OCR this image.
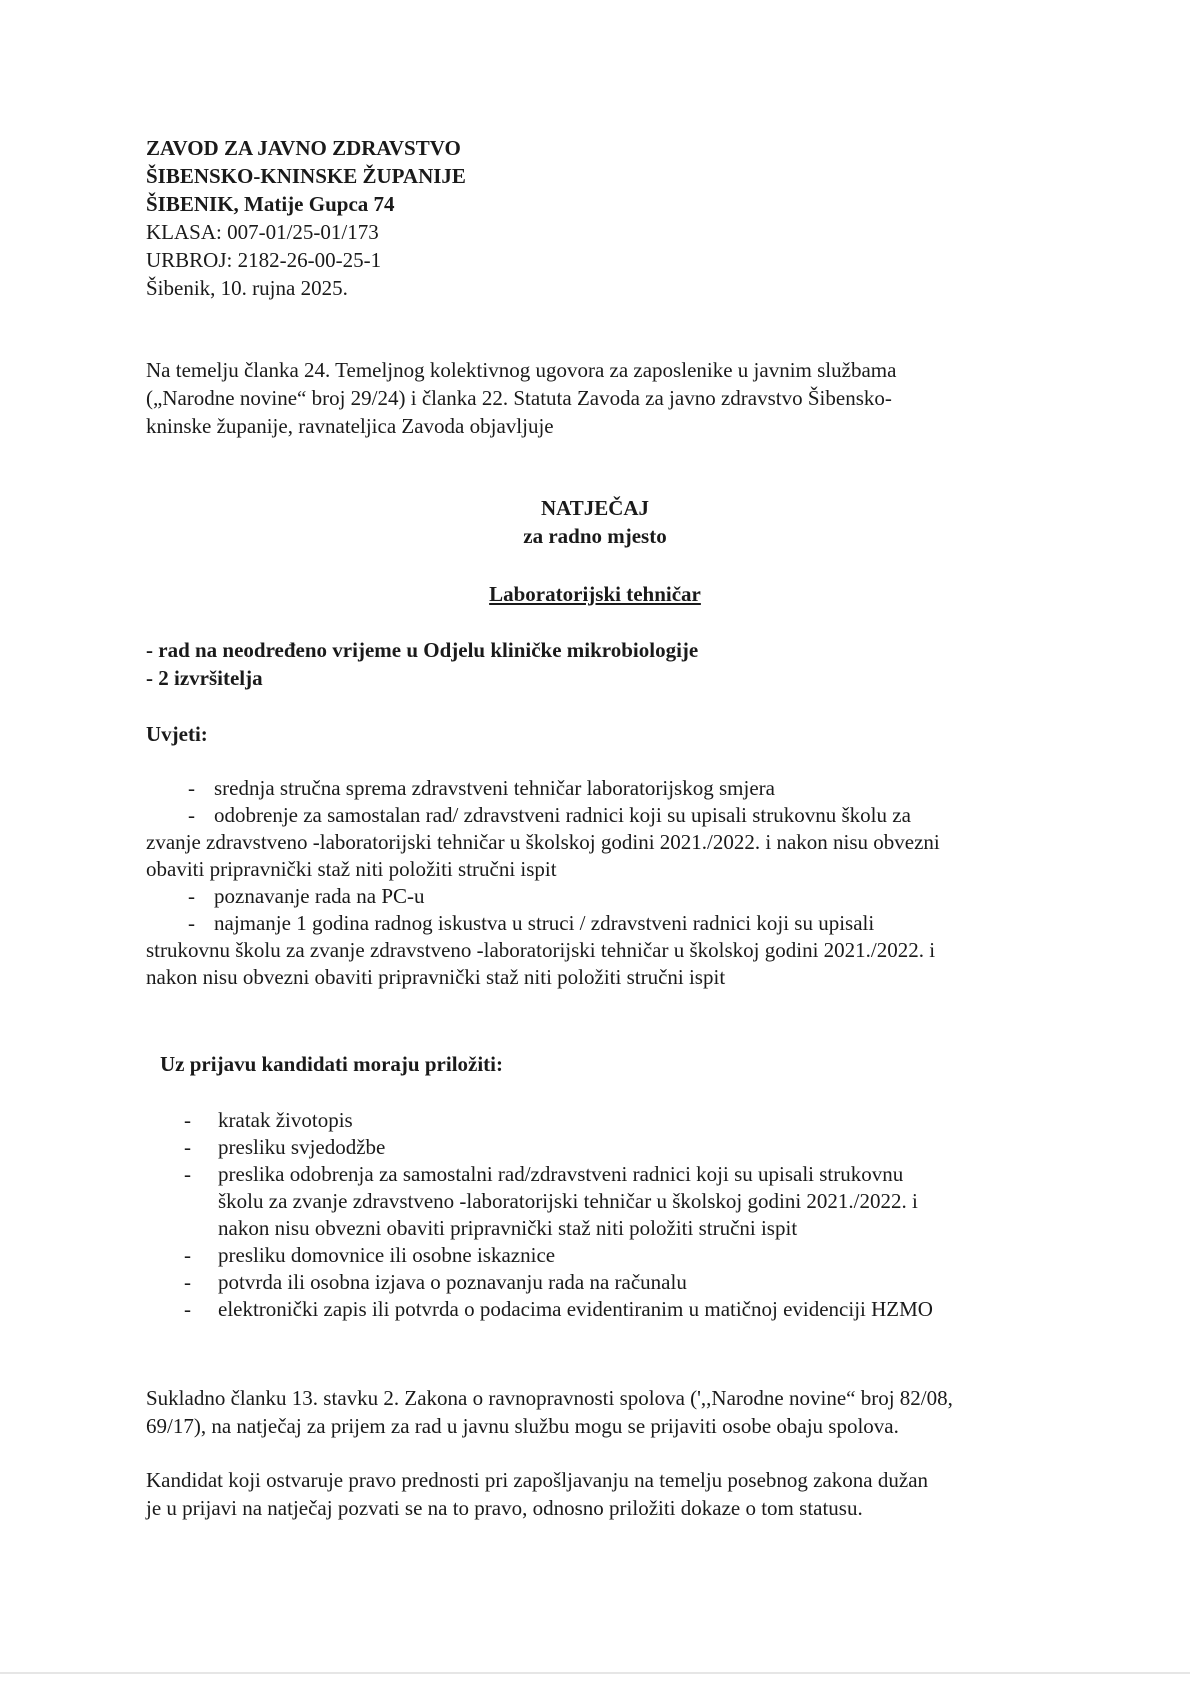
ZAVOD ZA JAVNO ZDRAVSTVO
ŠIBENSKO-KNINSKE ŽUPANIJE
ŠIBENIK, Matije Gupca 74
KLASA: 007-01/25-01/173
URBROJ: 2182-26-00-25-1
Šibenik, 10. rujna 2025.
Na temelju članka 24. Temeljnog kolektivnog ugovora za zaposlenike u javnim službama
(„Narodne novine“ broj 29/24) i članka 22. Statuta Zavoda za javno zdravstvo Šibensko-
kninske županije, ravnateljica Zavoda objavljuje
NATJEČAJ
za radno mjesto
Laboratorijski tehničar
- rad na neodređeno vrijeme u Odjelu kliničke mikrobiologije
- 2 izvršitelja
Uvjeti:
- srednja stručna sprema zdravstveni tehničar laboratorijskog smjera
- odobrenje za samostalan rad/ zdravstveni radnici koji su upisali strukovnu školu za
zvanje zdravstveno -laboratorijski tehničar u školskoj godini 2021./2022. i nakon nisu obvezni
obaviti pripravnički staž niti položiti stručni ispit
- poznavanje rada na PC-u
- najmanje 1 godina radnog iskustva u struci / zdravstveni radnici koji su upisali
strukovnu školu za zvanje zdravstveno -laboratorijski tehničar u školskoj godini 2021./2022. i
nakon nisu obvezni obaviti pripravnički staž niti položiti stručni ispit
Uz prijavu kandidati moraju priložiti:
- kratak životopis
- presliku svjedodžbe
- preslika odobrenja za samostalni rad/zdravstveni radnici koji su upisali strukovnu
školu za zvanje zdravstveno -laboratorijski tehničar u školskoj godini 2021./2022. i
nakon nisu obvezni obaviti pripravnički staž niti položiti stručni ispit
- presliku domovnice ili osobne iskaznice
- potvrda ili osobna izjava o poznavanju rada na računalu
- elektronički zapis ili potvrda o podacima evidentiranim u matičnoj evidenciji HZMO
Sukladno članku 13. stavku 2. Zakona o ravnopravnosti spolova (',,Narodne novine“ broj 82/08,
69/17), na natječaj za prijem za rad u javnu službu mogu se prijaviti osobe obaju spolova.
Kandidat koji ostvaruje pravo prednosti pri zapošljavanju na temelju posebnog zakona dužan
je u prijavi na natječaj pozvati se na to pravo, odnosno priložiti dokaze o tom statusu.
